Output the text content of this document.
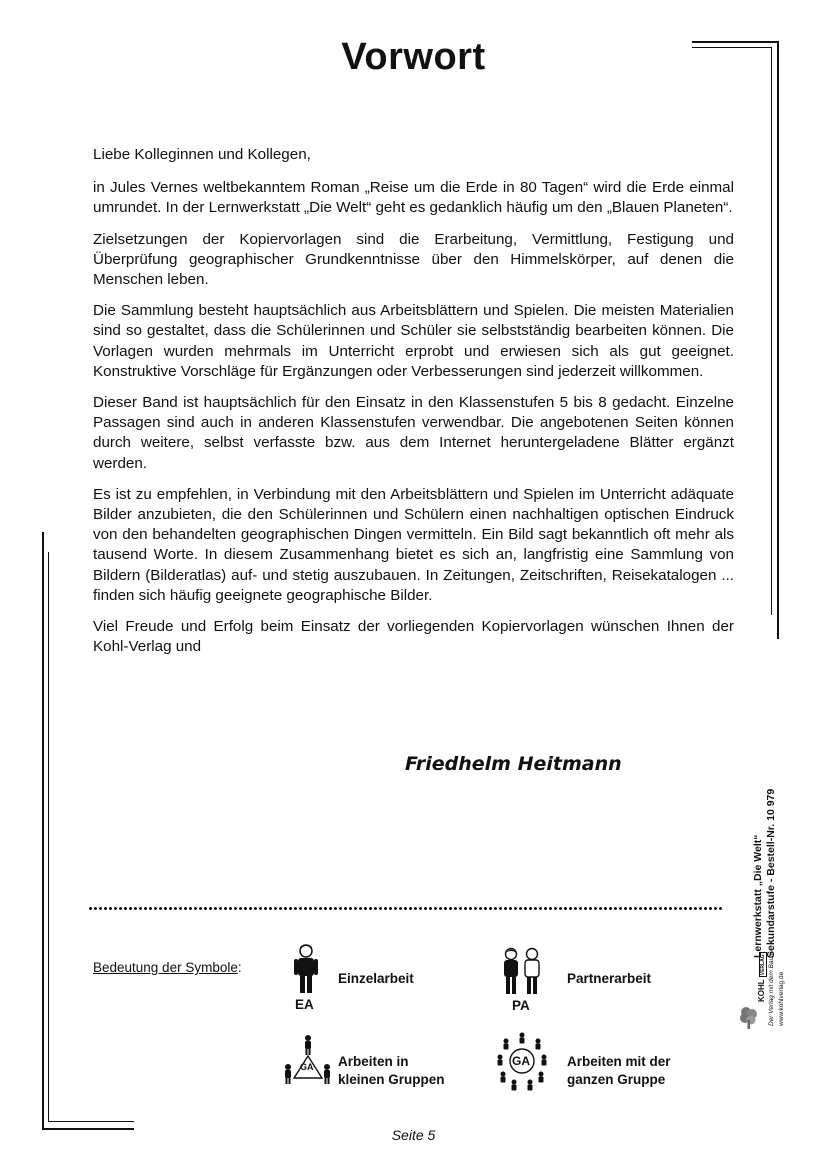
Vorwort

Liebe Kolleginnen und Kollegen,

in Jules Vernes weltbekanntem Roman „Reise um die Erde in 80 Tagen“ wird die Erde einmal umrundet. In der Lernwerkstatt „Die Welt“ geht es gedanklich häufig um den „Blauen Planeten“.

Zielsetzungen der Kopiervorlagen sind die Erarbeitung, Vermittlung, Festigung und Überprüfung geographischer Grundkenntnisse über den Himmelskörper, auf denen die Menschen leben.

Die Sammlung besteht hauptsächlich aus Arbeitsblättern und Spielen. Die meisten Materialien sind so gestaltet, dass die Schülerinnen und Schüler sie selbstständig bearbeiten können. Die Vorlagen wurden mehrmals im Unterricht erprobt und erwiesen sich als gut geeignet. Konstruktive Vorschläge für Ergänzungen oder Verbesserungen sind jederzeit willkommen.

Dieser Band ist hauptsächlich für den Einsatz in den Klassenstufen 5 bis 8 gedacht. Einzelne Passagen sind auch in anderen Klassenstufen verwendbar. Die angebotenen Seiten können durch weitere, selbst verfasste bzw. aus dem Internet heruntergeladene Blätter ergänzt werden.

Es ist zu empfehlen, in Verbindung mit den Arbeitsblättern und Spielen im Unterricht adäquate Bilder anzubieten, die den Schülerinnen und Schülern einen nachhaltigen optischen Eindruck von den behandelten geographischen Dingen vermitteln. Ein Bild sagt bekanntlich oft mehr als tausend Worte. In diesem Zusammenhang bietet es sich an, langfristig eine Sammlung von Bildern (Bilderatlas) auf- und stetig auszubauen. In Zeitungen, Zeitschriften, Reisekatalogen ... finden sich häufig geeignete geographische Bilder.

Viel Freude und Erfolg beim Einsatz der vorliegenden Kopiervorlagen wünschen Ihnen der Kohl-Verlag und

Friedhelm Heitmann
Bedeutung der Symbole:
EA
Einzelarbeit
PA
Partnerarbeit
GA Arbeiten in
kleinen Gruppen
GA	Arbeiten mit der
ganzen Gruppe
Lernwerkstatt „Die Welt“ Sekundarstufe - Bestell-Nr. 10 979
KOHL VERLAG Der Verlag mit dem Baum www.kohlverlag.de
Seite 5
